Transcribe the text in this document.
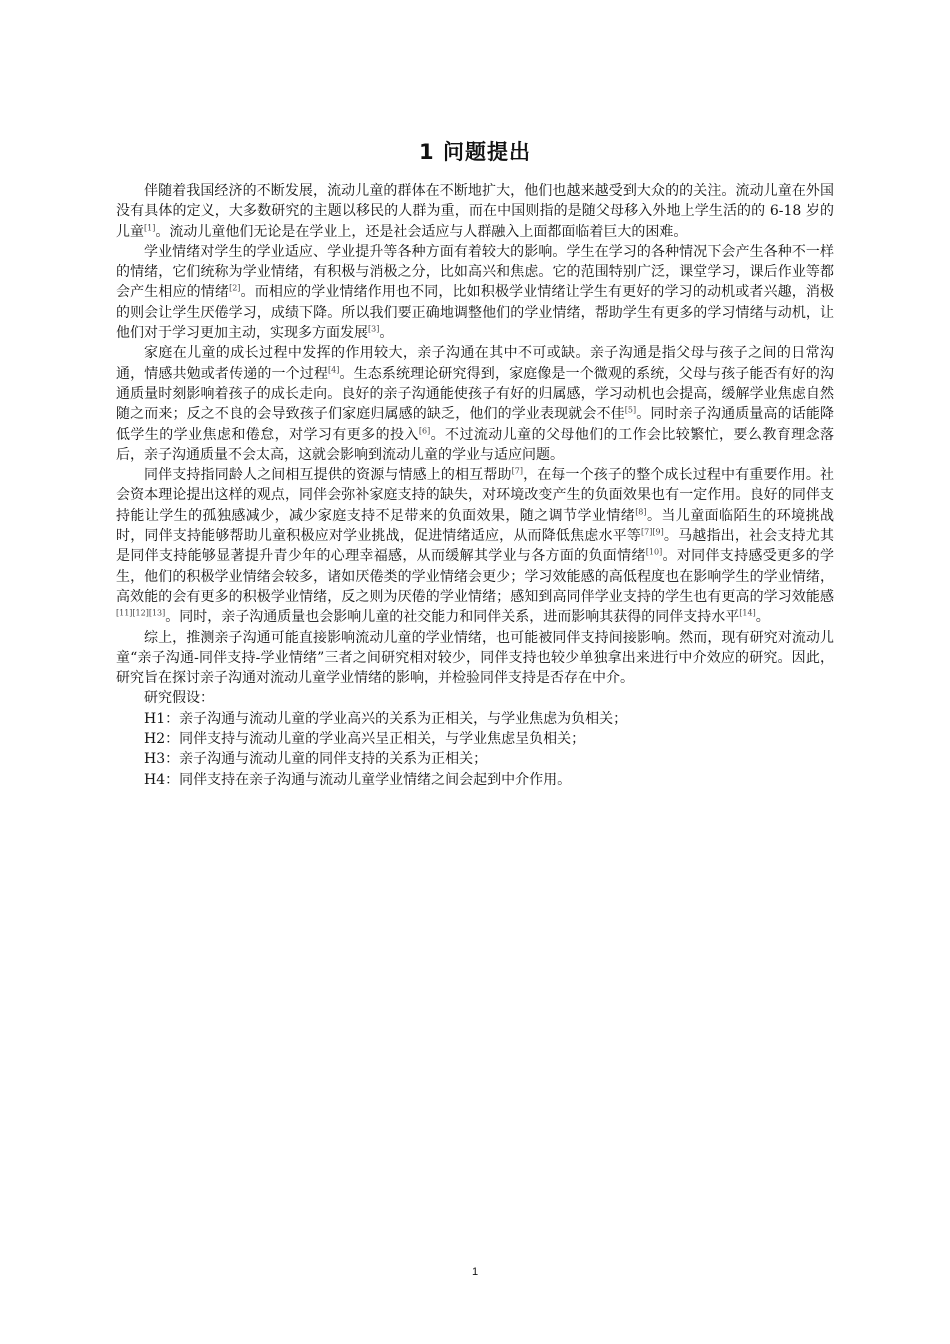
1 问题提出

伴随着我国经济的不断发展，流动儿童的群体在不断地扩大，他们也越来越受到大众的的关注。流动儿童在外国没有具体的定义，大多数研究的主题以移民的人群为重，而在中国则指的是随父母移入外地上学生活的的 6-18 岁的儿童[1]。流动儿童他们无论是在学业上，还是社会适应与人群融入上面都面临着巨大的困难。

学业情绪对学生的学业适应、学业提升等各种方面有着较大的影响。学生在学习的各种情况下会产生各种不一样的情绪，它们统称为学业情绪，有积极与消极之分，比如高兴和焦虑。它的范围特别广泛，课堂学习，课后作业等都会产生相应的情绪[2]。而相应的学业情绪作用也不同，比如积极学业情绪让学生有更好的学习的动机或者兴趣，消极的则会让学生厌倦学习，成绩下降。所以我们要正确地调整他们的学业情绪，帮助学生有更多的学习情绪与动机，让他们对于学习更加主动，实现多方面发展[3]。

家庭在儿童的成长过程中发挥的作用较大，亲子沟通在其中不可或缺。亲子沟通是指父母与孩子之间的日常沟通，情感共勉或者传递的一个过程[4]。生态系统理论研究得到，家庭像是一个微观的系统，父母与孩子能否有好的沟通质量时刻影响着孩子的成长走向。良好的亲子沟通能使孩子有好的归属感，学习动机也会提高，缓解学业焦虑自然随之而来；反之不良的会导致孩子们家庭归属感的缺乏，他们的学业表现就会不佳[5]。同时亲子沟通质量高的话能降低学生的学业焦虑和倦怠，对学习有更多的投入[6]。不过流动儿童的父母他们的工作会比较繁忙，要么教育理念落后，亲子沟通质量不会太高，这就会影响到流动儿童的学业与适应问题。

同伴支持指同龄人之间相互提供的资源与情感上的相互帮助[7]，在每一个孩子的整个成长过程中有重要作用。社会资本理论提出这样的观点，同伴会弥补家庭支持的缺失，对环境改变产生的负面效果也有一定作用。良好的同伴支持能让学生的孤独感减少，减少家庭支持不足带来的负面效果，随之调节学业情绪[8]。当儿童面临陌生的环境挑战时，同伴支持能够帮助儿童积极应对学业挑战，促进情绪适应，从而降低焦虑水平等[7][9]。马越指出，社会支持尤其是同伴支持能够显著提升青少年的心理幸福感，从而缓解其学业与各方面的负面情绪[10]。对同伴支持感受更多的学生，他们的积极学业情绪会较多，诸如厌倦类的学业情绪会更少；学习效能感的高低程度也在影响学生的学业情绪，高效能的会有更多的积极学业情绪，反之则为厌倦的学业情绪；感知到高同伴学业支持的学生也有更高的学习效能感[11][12][13]。同时，亲子沟通质量也会影响儿童的社交能力和同伴关系，进而影响其获得的同伴支持水平[14]。

综上，推测亲子沟通可能直接影响流动儿童的学业情绪，也可能被同伴支持间接影响。然而，现有研究对流动儿童“亲子沟通-同伴支持-学业情绪”三者之间研究相对较少，同伴支持也较少单独拿出来进行中介效应的研究。因此，研究旨在探讨亲子沟通对流动儿童学业情绪的影响，并检验同伴支持是否存在中介。

研究假设：

H1：亲子沟通与流动儿童的学业高兴的关系为正相关，与学业焦虑为负相关；

H2：同伴支持与流动儿童的学业高兴呈正相关，与学业焦虑呈负相关；

H3：亲子沟通与流动儿童的同伴支持的关系为正相关；

H4：同伴支持在亲子沟通与流动儿童学业情绪之间会起到中介作用。

1
